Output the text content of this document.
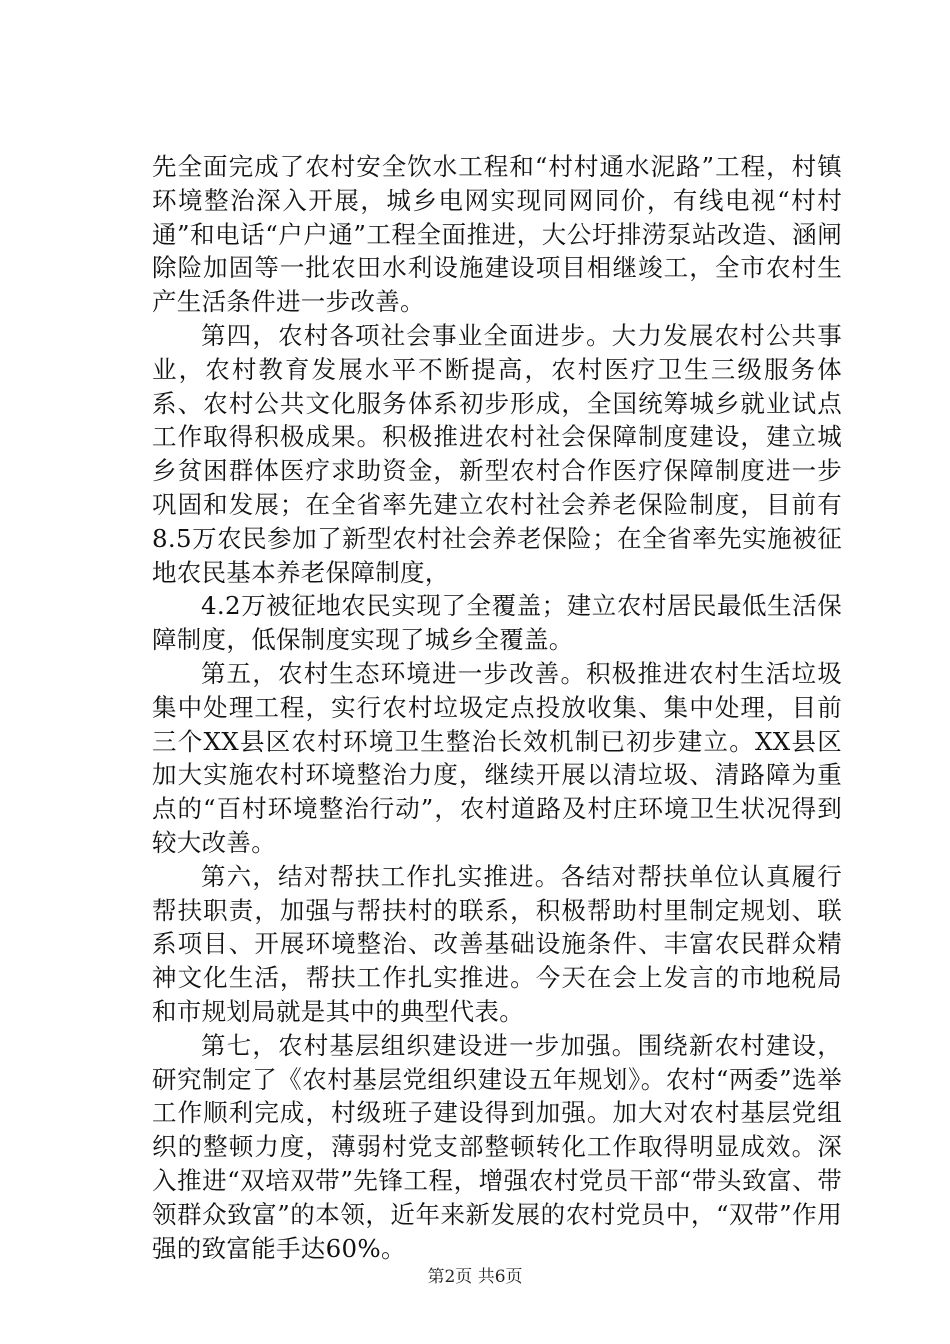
先全面完成了农村安全饮水工程和“村村通水泥路”工程，村镇环境整治深入开展，城乡电网实现同网同价，有线电视“村村通”和电话“户户通”工程全面推进，大公圩排涝泵站改造、涵闸除险加固等一批农田水利设施建设项目相继竣工，全市农村生产生活条件进一步改善。

第四，农村各项社会事业全面进步。大力发展农村公共事业，农村教育发展水平不断提高，农村医疗卫生三级服务体系、农村公共文化服务体系初步形成，全国统筹城乡就业试点工作取得积极成果。积极推进农村社会保障制度建设，建立城乡贫困群体医疗求助资金，新型农村合作医疗保障制度进一步巩固和发展；在全省率先建立农村社会养老保险制度，目前有8.5万农民参加了新型农村社会养老保险；在全省率先实施被征地农民基本养老保障制度，

4.2万被征地农民实现了全覆盖；建立农村居民最低生活保障制度，低保制度实现了城乡全覆盖。

第五，农村生态环境进一步改善。积极推进农村生活垃圾集中处理工程，实行农村垃圾定点投放收集、集中处理，目前三个XX县区农村环境卫生整治长效机制已初步建立。XX县区加大实施农村环境整治力度，继续开展以清垃圾、清路障为重点的“百村环境整治行动”，农村道路及村庄环境卫生状况得到较大改善。

第六，结对帮扶工作扎实推进。各结对帮扶单位认真履行帮扶职责，加强与帮扶村的联系，积极帮助村里制定规划、联系项目、开展环境整治、改善基础设施条件、丰富农民群众精神文化生活，帮扶工作扎实推进。今天在会上发言的市地税局和市规划局就是其中的典型代表。

第七，农村基层组织建设进一步加强。围绕新农村建设，研究制定了《农村基层党组织建设五年规划》。农村“两委”选举工作顺利完成，村级班子建设得到加强。加大对农村基层党组织的整顿力度，薄弱村党支部整顿转化工作取得明显成效。深入推进“双培双带”先锋工程，增强农村党员干部“带头致富、带领群众致富”的本领，近年来新发展的农村党员中，“双带”作用强的致富能手达60%。

第2页 共6页
